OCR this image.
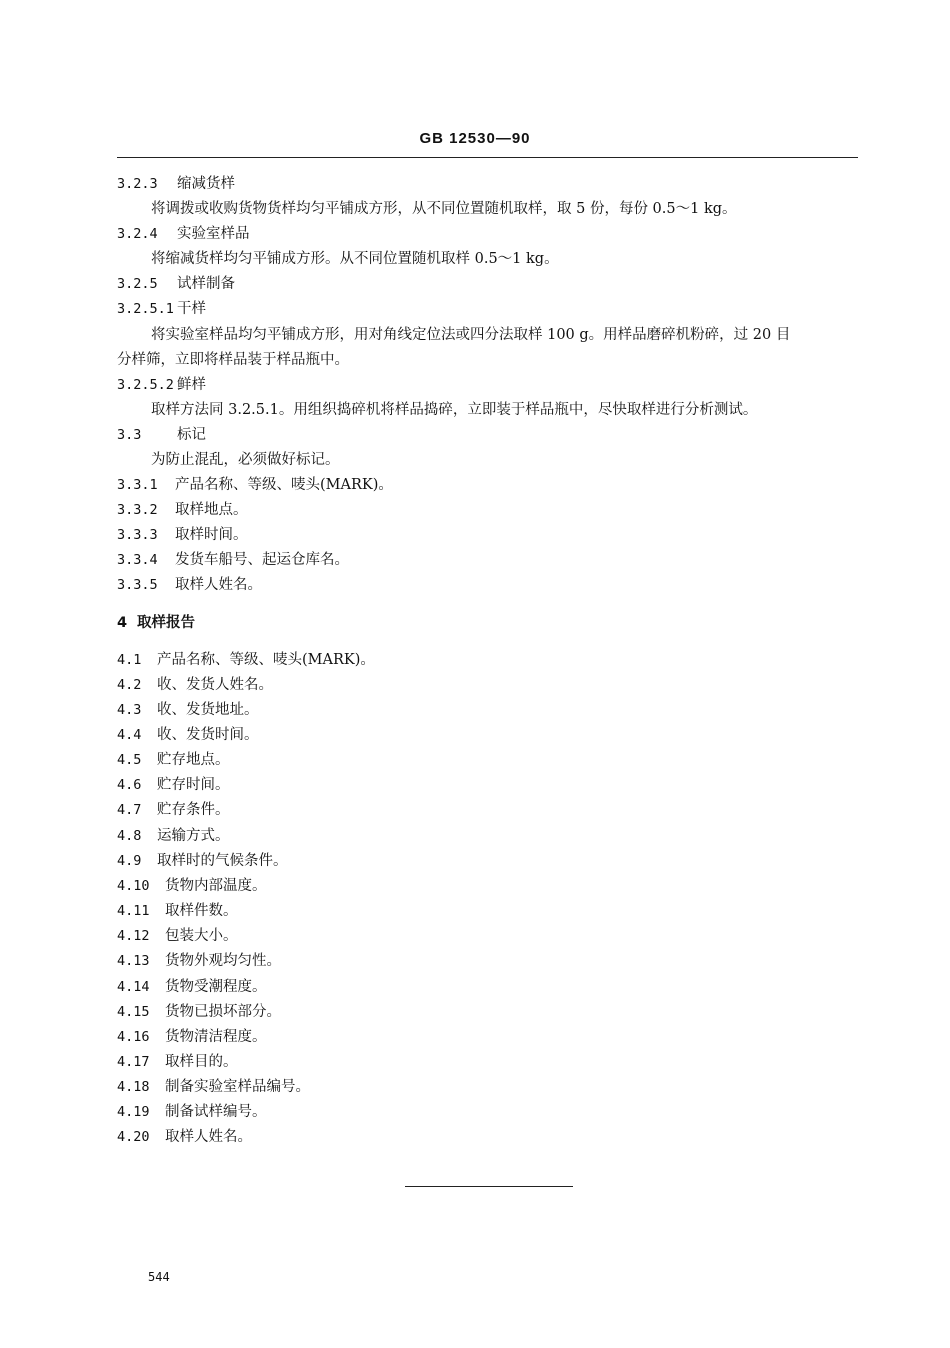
GB 12530—90
3.2.3 缩减货样
将调拨或收购货物货样均匀平铺成方形，从不同位置随机取样，取 5 份，每份 0.5～1 kg。
3.2.4 实验室样品
将缩减货样均匀平铺成方形。从不同位置随机取样 0.5～1 kg。
3.2.5 试样制备
3.2.5.1 干样
将实验室样品均匀平铺成方形，用对角线定位法或四分法取样 100 g。用样品磨碎机粉碎，过 20 目
分样筛，立即将样品装于样品瓶中。
3.2.5.2 鲜样
取样方法同 3.2.5.1。用组织捣碎机将样品捣碎，立即装于样品瓶中，尽快取样进行分析测试。
3.3 标记
为防止混乱，必须做好标记。
3.3.1 产品名称、等级、唛头(MARK)。
3.3.2 取样地点。
3.3.3 取样时间。
3.3.4 发货车船号、起运仓库名。
3.3.5 取样人姓名。
4 取样报告
4.1 产品名称、等级、唛头(MARK)。
4.2 收、发货人姓名。
4.3 收、发货地址。
4.4 收、发货时间。
4.5 贮存地点。
4.6 贮存时间。
4.7 贮存条件。
4.8 运输方式。
4.9 取样时的气候条件。
4.10 货物内部温度。
4.11 取样件数。
4.12 包装大小。
4.13 货物外观均匀性。
4.14 货物受潮程度。
4.15 货物已损坏部分。
4.16 货物清洁程度。
4.17 取样目的。
4.18 制备实验室样品编号。
4.19 制备试样编号。
4.20 取样人姓名。
544
